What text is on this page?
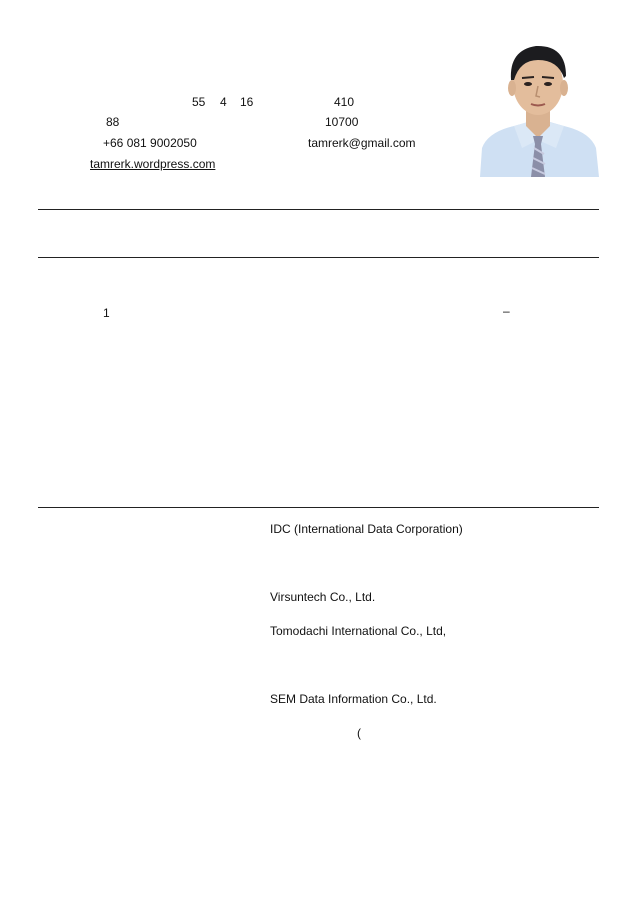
55 4 16	410
88	10700
+66 081 9002050	tamrerk@gmail.com
tamrerk.wordpress.com
1	–
IDC (International Data Corporation)
Virsuntech Co., Ltd.
Tomodachi International Co., Ltd,
SEM Data Information Co., Ltd.
(
